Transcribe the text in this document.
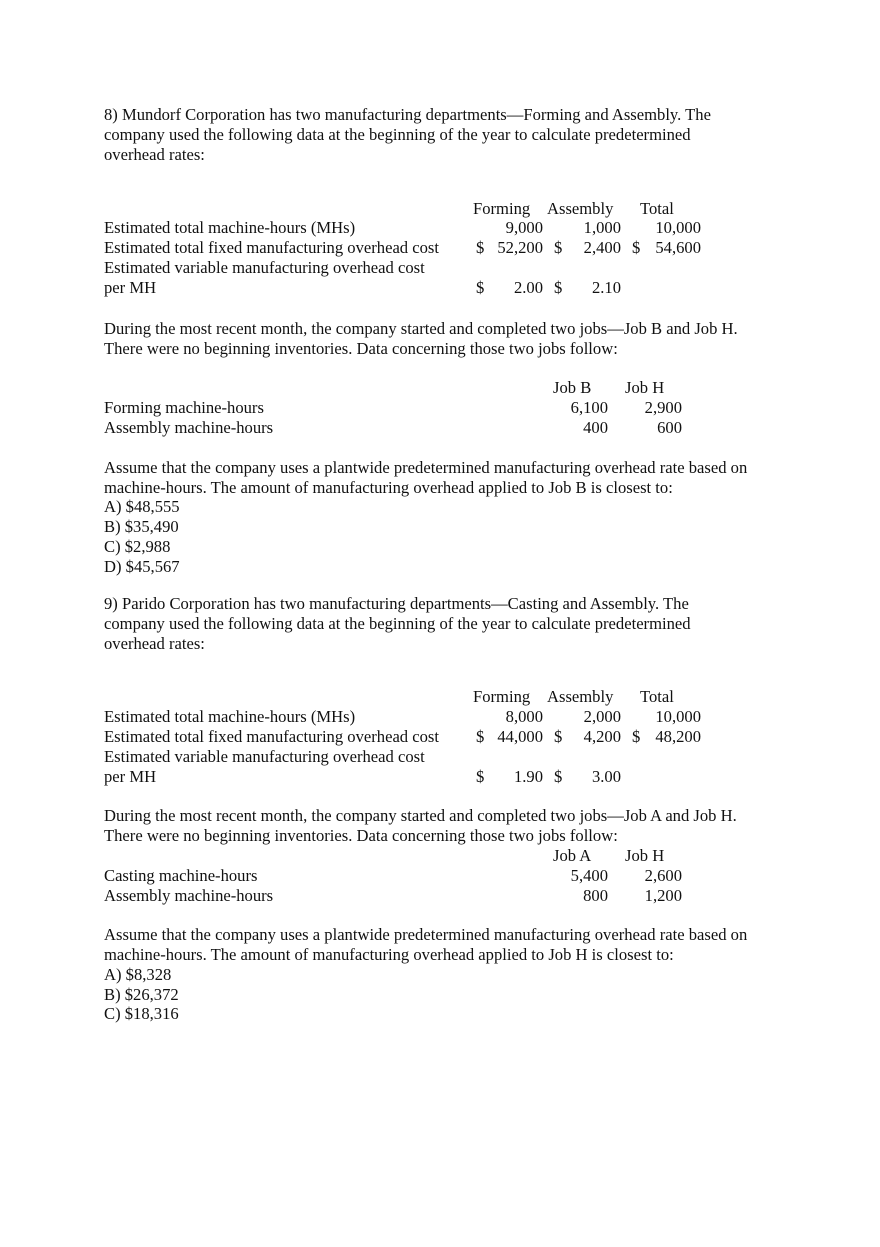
8) Mundorf Corporation has two manufacturing departments—Forming and Assembly. The
company used the following data at the beginning of the year to calculate predetermined
overhead rates:
Forming Assembly Total
Estimated total machine-hours (MHs)	9,000	1,000	10,000
Estimated total fixed manufacturing overhead cost $ 52,200 $	2,400 $ 54,600
Estimated variable manufacturing overhead cost
per MH	$	2.00 $	2.10
During the most recent month, the company started and completed two jobs—Job B and Job H.
There were no beginning inventories. Data concerning those two jobs follow:
Job B Job H
Forming machine-hours	6,100	2,900
Assembly machine-hours	400	600
Assume that the company uses a plantwide predetermined manufacturing overhead rate based on
machine-hours. The amount of manufacturing overhead applied to Job B is closest to:
A) $48,555
B) $35,490
C) $2,988
D) $45,567
9) Parido Corporation has two manufacturing departments—Casting and Assembly. The
company used the following data at the beginning of the year to calculate predetermined
overhead rates:
Forming Assembly Total
Estimated total machine-hours (MHs)	8,000	2,000	10,000
Estimated total fixed manufacturing overhead cost $ 44,000 $	4,200 $ 48,200
Estimated variable manufacturing overhead cost
per MH	$	1.90 $	3.00
During the most recent month, the company started and completed two jobs—Job A and Job H.
There were no beginning inventories. Data concerning those two jobs follow:
Job A Job H
Casting machine-hours	5,400	2,600
Assembly machine-hours	800	1,200
Assume that the company uses a plantwide predetermined manufacturing overhead rate based on
machine-hours. The amount of manufacturing overhead applied to Job H is closest to:
A) $8,328
B) $26,372
C) $18,316
